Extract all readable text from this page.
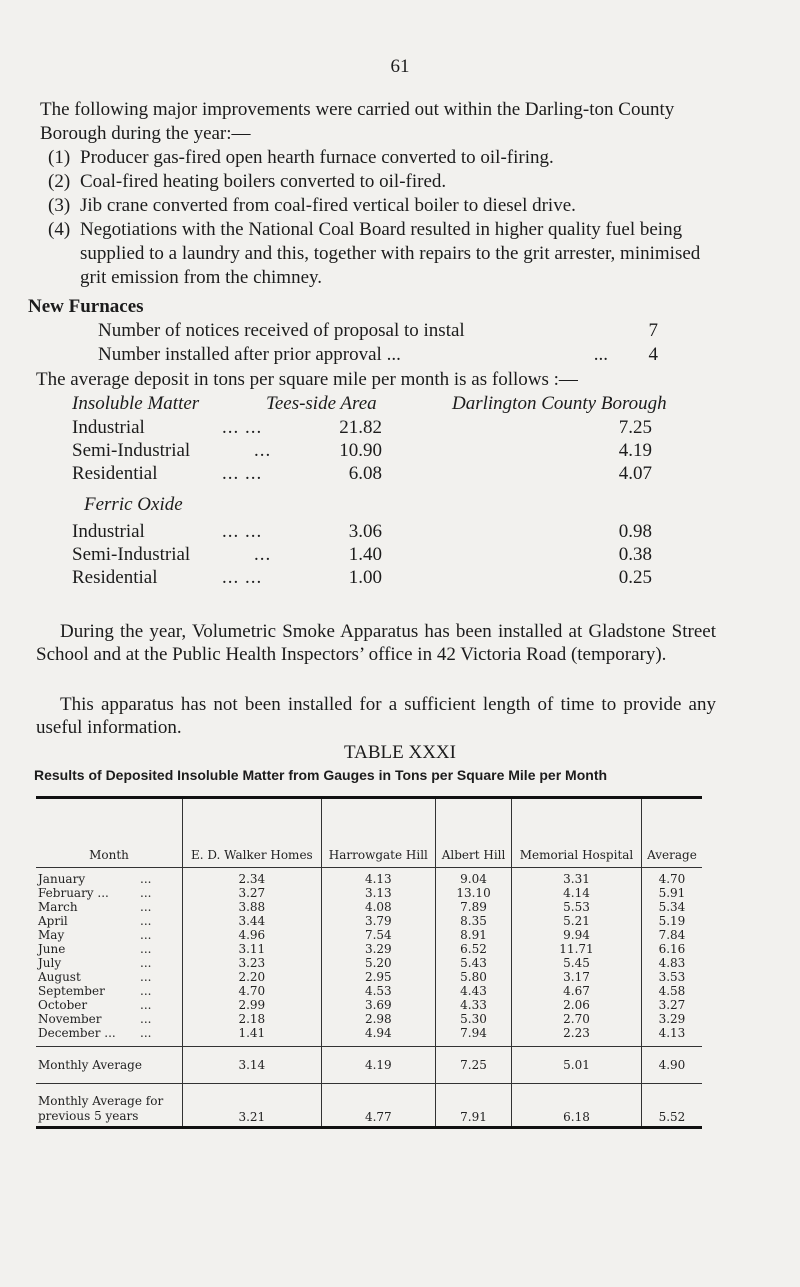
61
The following major improvements were carried out within the Darling-ton County Borough during the year:—
(1) Producer gas-fired open hearth furnace converted to oil-firing.
(2) Coal-fired heating boilers converted to oil-fired.
(3) Jib crane converted from coal-fired vertical boiler to diesel drive.
(4) Negotiations with the National Coal Board resulted in higher quality fuel being supplied to a laundry and this, together with repairs to the grit arrester, minimised grit emission from the chimney.
New Furnaces
Number of notices received of proposal to instal	7
Number installed after prior approval ...	... 4
The average deposit in tons per square mile per month is as follows :—
Insoluble Matter	Tees-side Area	Darlington County Borough
Industrial	... ...	21.82	7.25
Semi-Industrial	...	10.90	4.19
Residential	... ...	6.08	4.07
Ferric Oxide
Industrial	... ...	3.06	0.98
Semi-Industrial	...	1.40	0.38
Residential	... ...	1.00	0.25
During the year, Volumetric Smoke Apparatus has been installed at Gladstone Street School and at the Public Health Inspectors’ office in 42 Victoria Road (temporary).
This apparatus has not been installed for a sufficient length of time to provide any useful information.
TABLE XXXI
Results of Deposited Insoluble Matter from Gauges in Tons per Square Mile per Month
Month	E. D. Walker Homes	Harrowgate Hill	Albert Hill	Memorial Hospital	Average
January ...	2.34	4.13	9.04	3.31	4.70
February ... ...	3.27	3.13	13.10	4.14	5.91
March ...	3.88	4.08	7.89	5.53	5.34
April ...	3.44	3.79	8.35	5.21	5.19
May ...	4.96	7.54	8.91	9.94	7.84
June ...	3.11	3.29	6.52	11.71	6.16
July ...	3.23	5.20	5.43	5.45	4.83
August ...	2.20	2.95	5.80	3.17	3.53
September ...	4.70	4.53	4.43	4.67	4.58
October ...	2.99	3.69	4.33	2.06	3.27
November ...	2.18	2.98	5.30	2.70	3.29
December ... ...	1.41	4.94	7.94	2.23	4.13
Monthly Average	3.14	4.19	7.25	5.01	4.90
Monthly Average for previous 5 years	3.21	4.77	7.91	6.18	5.52
